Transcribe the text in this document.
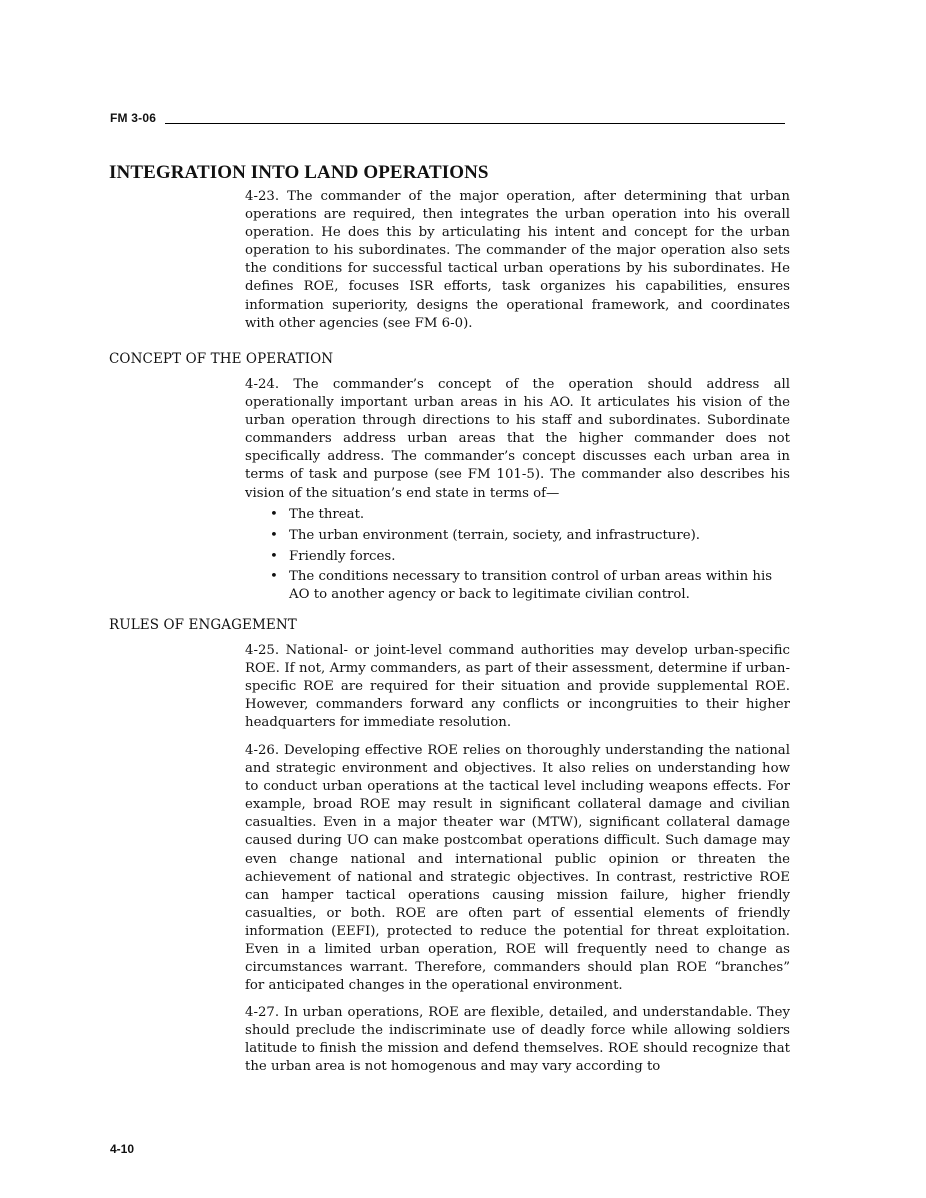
FM 3-06
INTEGRATION INTO LAND OPERATIONS

4-23. The commander of the major operation, after determining that urban operations are required, then integrates the urban operation into his overall operation. He does this by articulating his intent and concept for the urban operation to his subordinates. The commander of the major operation also sets the conditions for successful tactical urban operations by his subordinates. He defines ROE, focuses ISR efforts, task organizes his capabilities, ensures information superiority, designs the operational framework, and coordinates with other agencies (see FM 6-0).

CONCEPT OF THE OPERATION

4-24. The commander’s concept of the operation should address all operationally important urban areas in his AO. It articulates his vision of the urban operation through directions to his staff and subordinates. Subordinate commanders address urban areas that the higher commander does not specifically address. The commander’s concept discusses each urban area in terms of task and purpose (see FM 101-5). The commander also describes his vision of the situation’s end state in terms of—

• The threat.
• The urban environment (terrain, society, and infrastructure).
• Friendly forces.
• The conditions necessary to transition control of urban areas within his AO to another agency or back to legitimate civilian control.
RULES OF ENGAGEMENT

4-25. National- or joint-level command authorities may develop urban-specific ROE. If not, Army commanders, as part of their assessment, determine if urban-specific ROE are required for their situation and provide supplemental ROE. However, commanders forward any conflicts or incongruities to their higher headquarters for immediate resolution.

4-26. Developing effective ROE relies on thoroughly understanding the national and strategic environment and objectives. It also relies on understanding how to conduct urban operations at the tactical level including weapons effects. For example, broad ROE may result in significant collateral damage and civilian casualties. Even in a major theater war (MTW), significant collateral damage caused during UO can make postcombat operations difficult. Such damage may even change national and international public opinion or threaten the achievement of national and strategic objectives. In contrast, restrictive ROE can hamper tactical operations causing mission failure, higher friendly casualties, or both. ROE are often part of essential elements of friendly information (EEFI), protected to reduce the potential for threat exploitation. Even in a limited urban operation, ROE will frequently need to change as circumstances warrant. Therefore, commanders should plan ROE “branches” for anticipated changes in the operational environment.

4-27. In urban operations, ROE are flexible, detailed, and understandable. They should preclude the indiscriminate use of deadly force while allowing soldiers latitude to finish the mission and defend themselves. ROE should recognize that the urban area is not homogenous and may vary according to

4-10
